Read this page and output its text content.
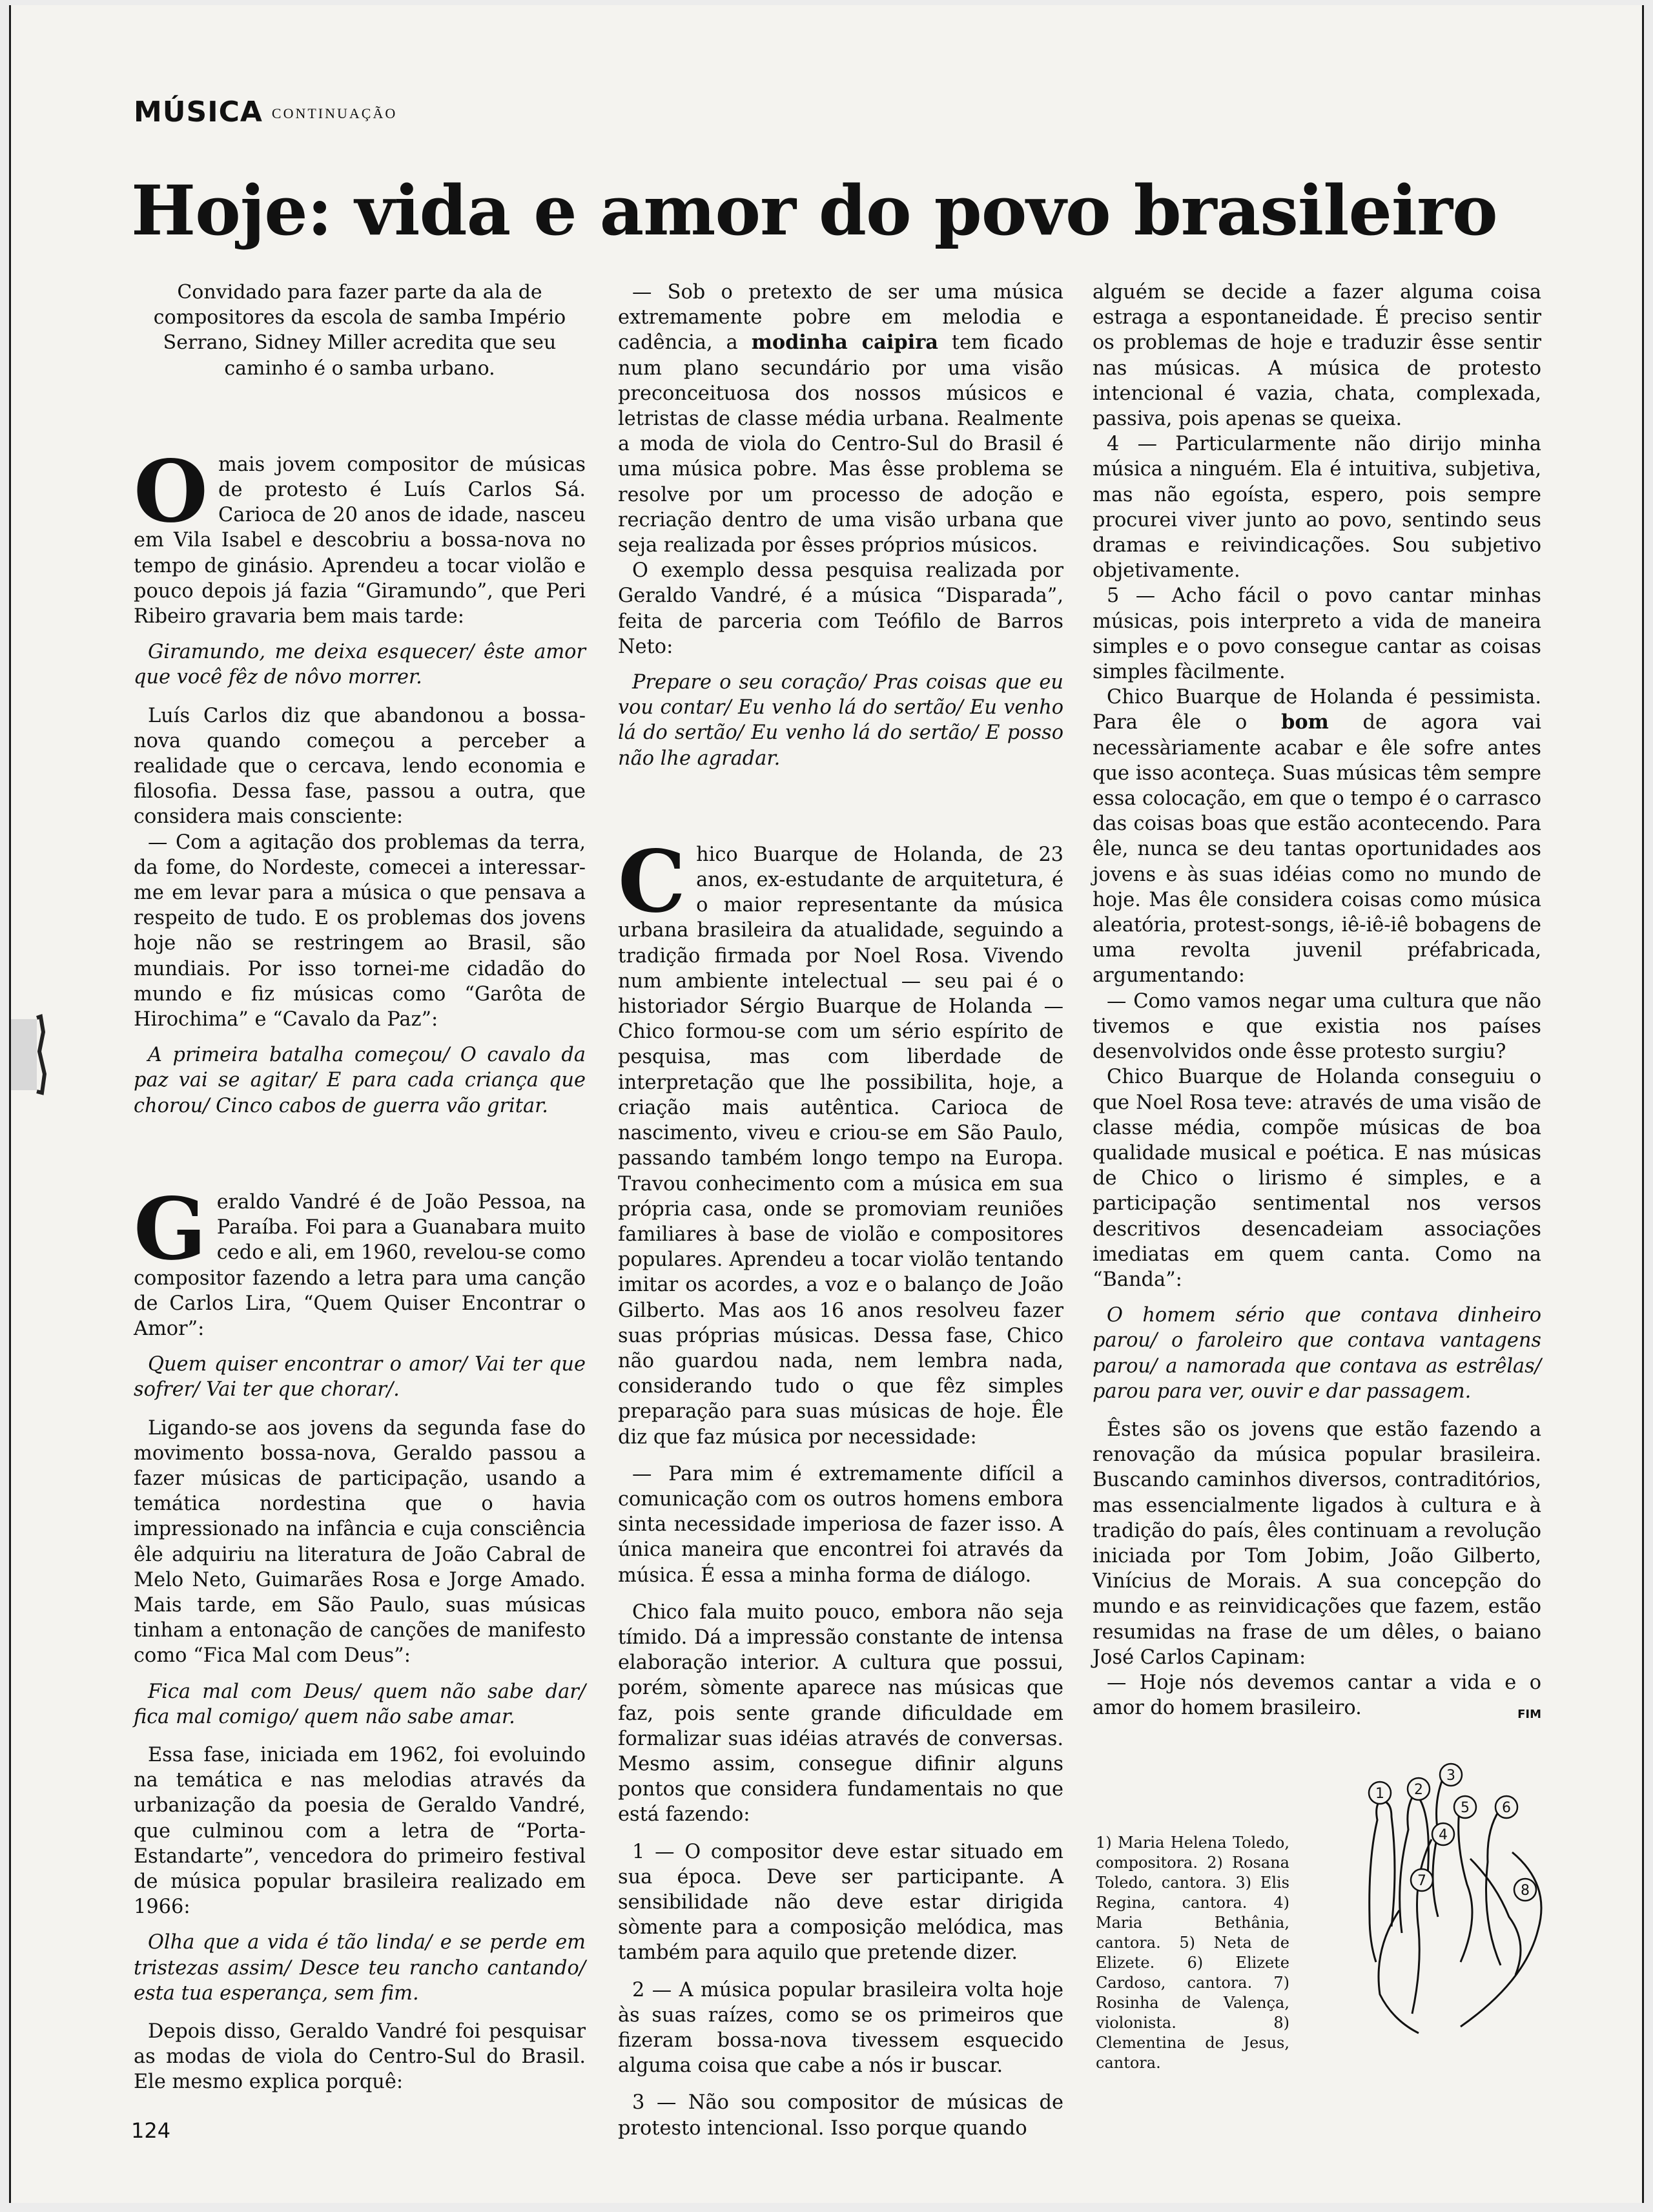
MÚSICA CONTINUAÇÃO
Hoje: vida e amor do povo brasileiro

Convidado para fazer parte da ala de compositores da escola de samba Império Serrano, Sidney Miller acredita que seu caminho é o samba urbano.

Omais jovem compositor de músicas de protesto é Luís Carlos Sá. Carioca de 20 anos de idade, nasceu em Vila Isabel e descobriu a bossa-nova no tempo de ginásio. Aprendeu a tocar violão e pouco depois já fazia “Giramundo”, que Peri Ribeiro gravaria bem mais tarde:

Giramundo, me deixa esquecer/ êste amor que você fêz de nôvo morrer.

Luís Carlos diz que abandonou a bossa-nova quando começou a perceber a realidade que o cercava, lendo economia e filosofia. Dessa fase, passou a outra, que considera mais consciente:

— Com a agitação dos problemas da terra, da fome, do Nordeste, comecei a interessar-me em levar para a música o que pensava a respeito de tudo. E os problemas dos jovens hoje não se restringem ao Brasil, são mundiais. Por isso tornei-me cidadão do mundo e fiz músicas como “Garôta de Hirochima” e “Cavalo da Paz”:

A primeira batalha começou/ O cavalo da paz vai se agitar/ E para cada criança que chorou/ Cinco cabos de guerra vão gritar.

Geraldo Vandré é de João Pessoa, na Paraíba. Foi para a Guanabara muito cedo e ali, em 1960, revelou-se como compositor fazendo a letra para uma canção de Carlos Lira, “Quem Quiser Encontrar o Amor”:

Quem quiser encontrar o amor/ Vai ter que sofrer/ Vai ter que chorar/.

Ligando-se aos jovens da segunda fase do movimento bossa-nova, Geraldo passou a fazer músicas de participação, usando a temática nordestina que o havia impressionado na infância e cuja consciência êle adquiriu na literatura de João Cabral de Melo Neto, Guimarães Rosa e Jorge Amado. Mais tarde, em São Paulo, suas músicas tinham a entonação de canções de manifesto como “Fica Mal com Deus”:

Fica mal com Deus/ quem não sabe dar/ fica mal comigo/ quem não sabe amar.

Essa fase, iniciada em 1962, foi evoluindo na temática e nas melodias através da urbanização da poesia de Geraldo Vandré, que culminou com a letra de “Porta-Estandarte”, vencedora do primeiro festival de música popular brasileira realizado em 1966:

Olha que a vida é tão linda/ e se perde em tristezas assim/ Desce teu rancho cantando/ esta tua esperança, sem fim.

Depois disso, Geraldo Vandré foi pesquisar as modas de viola do Centro-Sul do Brasil. Ele mesmo explica porquê:

— Sob o pretexto de ser uma música extremamente pobre em melodia e cadência, a modinha caipira tem ficado num plano secundário por uma visão preconceituosa dos nossos músicos e letristas de classe média urbana. Realmente a moda de viola do Centro-Sul do Brasil é uma música pobre. Mas êsse problema se resolve por um processo de adoção e recriação dentro de uma visão urbana que seja realizada por êsses próprios músicos.

O exemplo dessa pesquisa realizada por Geraldo Vandré, é a música “Disparada”, feita de parceria com Teófilo de Barros Neto:

Prepare o seu coração/ Pras coisas que eu vou contar/ Eu venho lá do sertão/ Eu venho lá do sertão/ Eu venho lá do sertão/ E posso não lhe agradar.

Chico Buarque de Holanda, de 23 anos, ex-estudante de arquitetura, é o maior representante da música urbana brasileira da atualidade, seguindo a tradição firmada por Noel Rosa. Vivendo num ambiente intelectual — seu pai é o historiador Sérgio Buarque de Holanda — Chico formou-se com um sério espírito de pesquisa, mas com liberdade de interpretação que lhe possibilita, hoje, a criação mais autêntica. Carioca de nascimento, viveu e criou-se em São Paulo, passando também longo tempo na Europa. Travou conhecimento com a música em sua própria casa, onde se promoviam reuniões familiares à base de violão e compositores populares. Aprendeu a tocar violão tentando imitar os acordes, a voz e o balanço de João Gilberto. Mas aos 16 anos resolveu fazer suas próprias músicas. Dessa fase, Chico não guardou nada, nem lembra nada, considerando tudo o que fêz simples preparação para suas músicas de hoje. Êle diz que faz música por necessidade:

— Para mim é extremamente difícil a comunicação com os outros homens embora sinta necessidade imperiosa de fazer isso. A única maneira que encontrei foi através da música. É essa a minha forma de diálogo.

Chico fala muito pouco, embora não seja tímido. Dá a impressão constante de intensa elaboração interior. A cultura que possui, porém, sòmente aparece nas músicas que faz, pois sente grande dificuldade em formalizar suas idéias através de conversas. Mesmo assim, consegue difinir alguns pontos que considera fundamentais no que está fazendo:

1 — O compositor deve estar situado em sua época. Deve ser participante. A sensibilidade não deve estar dirigida sòmente para a composição melódica, mas também para aquilo que pretende dizer.

2 — A música popular brasileira volta hoje às suas raízes, como se os primeiros que fizeram bossa-nova tivessem esquecido alguma coisa que cabe a nós ir buscar.

3 — Não sou compositor de músicas de protesto intencional. Isso porque quando

alguém se decide a fazer alguma coisa estraga a espontaneidade. É preciso sentir os problemas de hoje e traduzir êsse sentir nas músicas. A música de protesto intencional é vazia, chata, complexada, passiva, pois apenas se queixa.

4 — Particularmente não dirijo minha música a ninguém. Ela é intuitiva, subjetiva, mas não egoísta, espero, pois sempre procurei viver junto ao povo, sentindo seus dramas e reivindicações. Sou subjetivo objetivamente.

5 — Acho fácil o povo cantar minhas músicas, pois interpreto a vida de maneira simples e o povo consegue cantar as coisas simples fàcilmente.

Chico Buarque de Holanda é pessimista. Para êle o bom de agora vai necessàriamente acabar e êle sofre antes que isso aconteça. Suas músicas têm sempre essa colocação, em que o tempo é o carrasco das coisas boas que estão acontecendo. Para êle, nunca se deu tantas oportunidades aos jovens e às suas idéias como no mundo de hoje. Mas êle considera coisas como música aleatória, protest-songs, iê-iê-iê bobagens de uma revolta juvenil préfabricada, argumentando:

— Como vamos negar uma cultura que não tivemos e que existia nos países desenvolvidos onde êsse protesto surgiu?

Chico Buarque de Holanda conseguiu o que Noel Rosa teve: através de uma visão de classe média, compõe músicas de boa qualidade musical e poética. E nas músicas de Chico o lirismo é simples, e a participação sentimental nos versos descritivos desencadeiam associações imediatas em quem canta. Como na “Banda”:

O homem sério que contava dinheiro parou/ o faroleiro que contava vantagens parou/ a namorada que contava as estrêlas/ parou para ver, ouvir e dar passagem.

Êstes são os jovens que estão fazendo a renovação da música popular brasileira. Buscando caminhos diversos, contraditórios, mas essencialmente ligados à cultura e à tradição do país, êles continuam a revolução iniciada por Tom Jobim, João Gilberto, Vinícius de Morais. A sua concepção do mundo e as reinvidicações que fazem, estão resumidas na frase de um dêles, o baiano José Carlos Capinam:

— Hoje nós devemos cantar a vida e o amor do homem brasileiro.	FIM

1 2
3
4
5 6
7
8
1) Maria Helena Toledo, compositora. 2) Rosana Toledo, cantora. 3) Elis Regina, cantora. 4) Maria Bethânia, cantora. 5) Neta de Elizete. 6) Elizete Cardoso, cantora. 7) Rosinha de Valença, violonista. 8) Clementina de Jesus, cantora.
124
